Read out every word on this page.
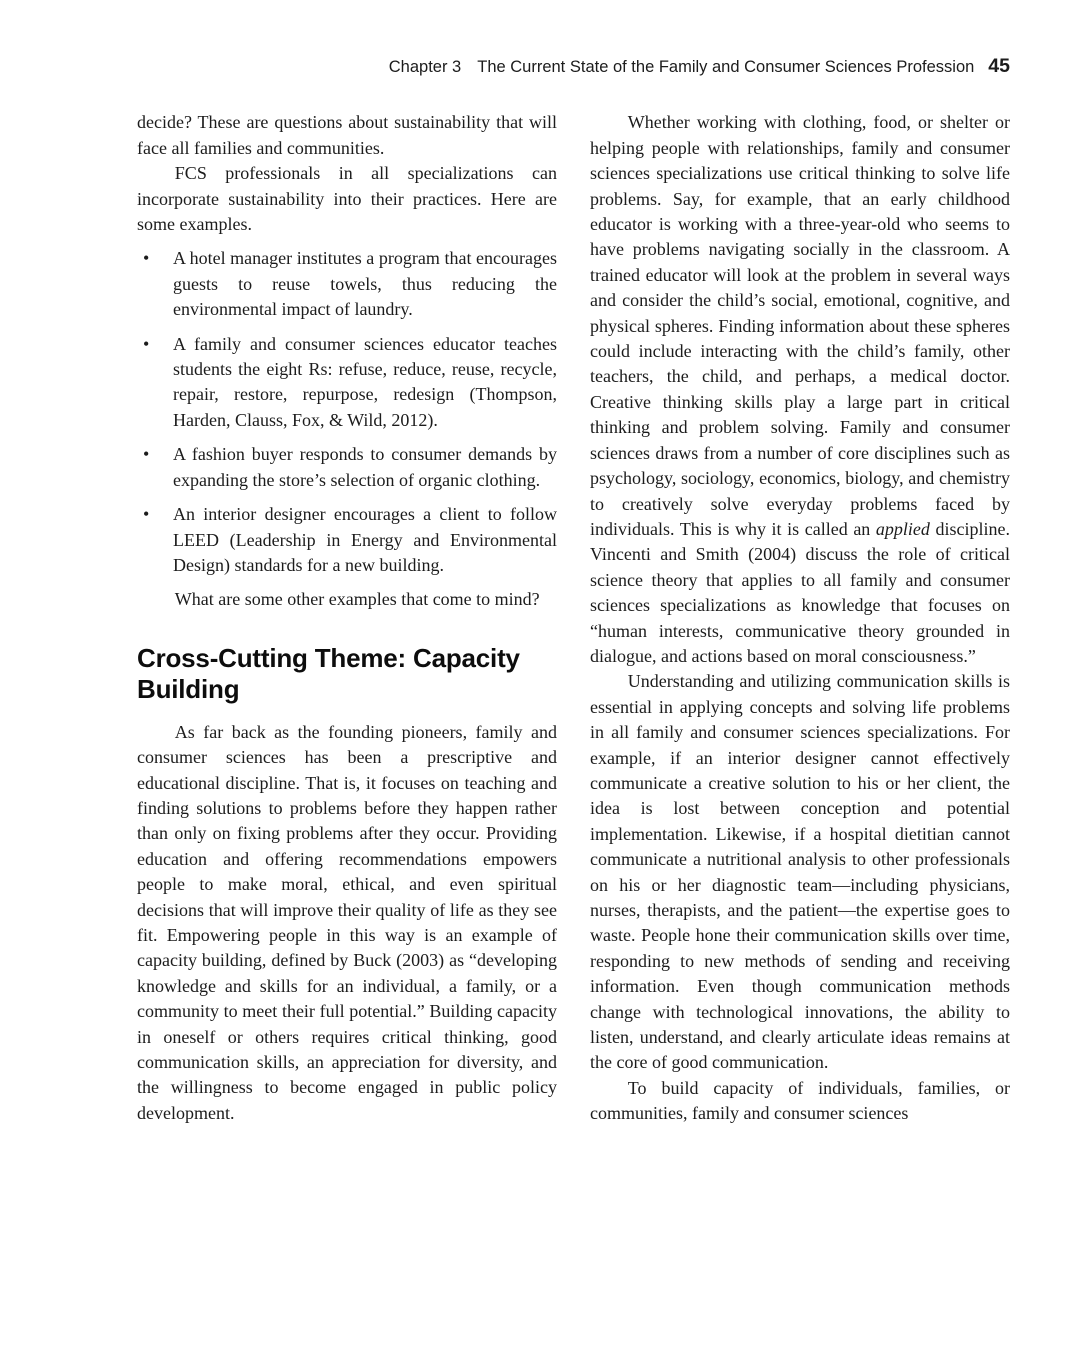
Chapter 3 The Current State of the Family and Consumer Sciences Profession 45

decide? These are questions about sustainability that will face all families and communities.

FCS professionals in all specializations can incorporate sustainability into their practices. Here are some examples.

• A hotel manager institutes a program that encourages guests to reuse towels, thus reducing the environmental impact of laundry.
• A family and consumer sciences educator teaches students the eight Rs: refuse, reduce, reuse, recycle, repair, restore, repurpose, redesign (Thompson, Harden, Clauss, Fox, & Wild, 2012).
• A fashion buyer responds to consumer demands by expanding the store’s selection of organic clothing.
• An interior designer encourages a client to follow LEED (Leadership in Energy and Environmental Design) standards for a new building.

What are some other examples that come to mind?

Cross-Cutting Theme: Capacity Building

As far back as the founding pioneers, family and consumer sciences has been a prescriptive and educational discipline. That is, it focuses on teaching and finding solutions to problems before they happen rather than only on fixing problems after they occur. Providing education and offering recommendations empowers people to make moral, ethical, and even spiritual decisions that will improve their quality of life as they see fit. Empowering people in this way is an example of capacity building, defined by Buck (2003) as “developing knowledge and skills for an individual, a family, or a community to meet their full potential.” Building capacity in oneself or others requires critical thinking, good communication skills, an appreciation for diversity, and the willingness to become engaged in public policy development.

Whether working with clothing, food, or shelter or helping people with relationships, family and consumer sciences specializations use critical thinking to solve life problems. Say, for example, that an early childhood educator is working with a three-year-old who seems to have problems navigating socially in the classroom. A trained educator will look at the problem in several ways and consider the child’s social, emotional, cognitive, and physical spheres. Finding information about these spheres could include interacting with the child’s family, other teachers, the child, and perhaps, a medical doctor. Creative thinking skills play a large part in critical thinking and problem solving. Family and consumer sciences draws from a number of core disciplines such as psychology, sociology, economics, biology, and chemistry to creatively solve everyday problems faced by individuals. This is why it is called an applied discipline. Vincenti and Smith (2004) discuss the role of critical science theory that applies to all family and consumer sciences specializations as knowledge that focuses on “human interests, communicative theory grounded in dialogue, and actions based on moral consciousness.”

Understanding and utilizing communication skills is essential in applying concepts and solving life problems in all family and consumer sciences specializations. For example, if an interior designer cannot effectively communicate a creative solution to his or her client, the idea is lost between conception and potential implementation. Likewise, if a hospital dietitian cannot communicate a nutritional analysis to other professionals on his or her diagnostic team—including physicians, nurses, therapists, and the patient—the expertise goes to waste. People hone their communication skills over time, responding to new methods of sending and receiving information. Even though communication methods change with technological innovations, the ability to listen, understand, and clearly articulate ideas remains at the core of good communication.

To build capacity of individuals, families, or communities, family and consumer sciences
